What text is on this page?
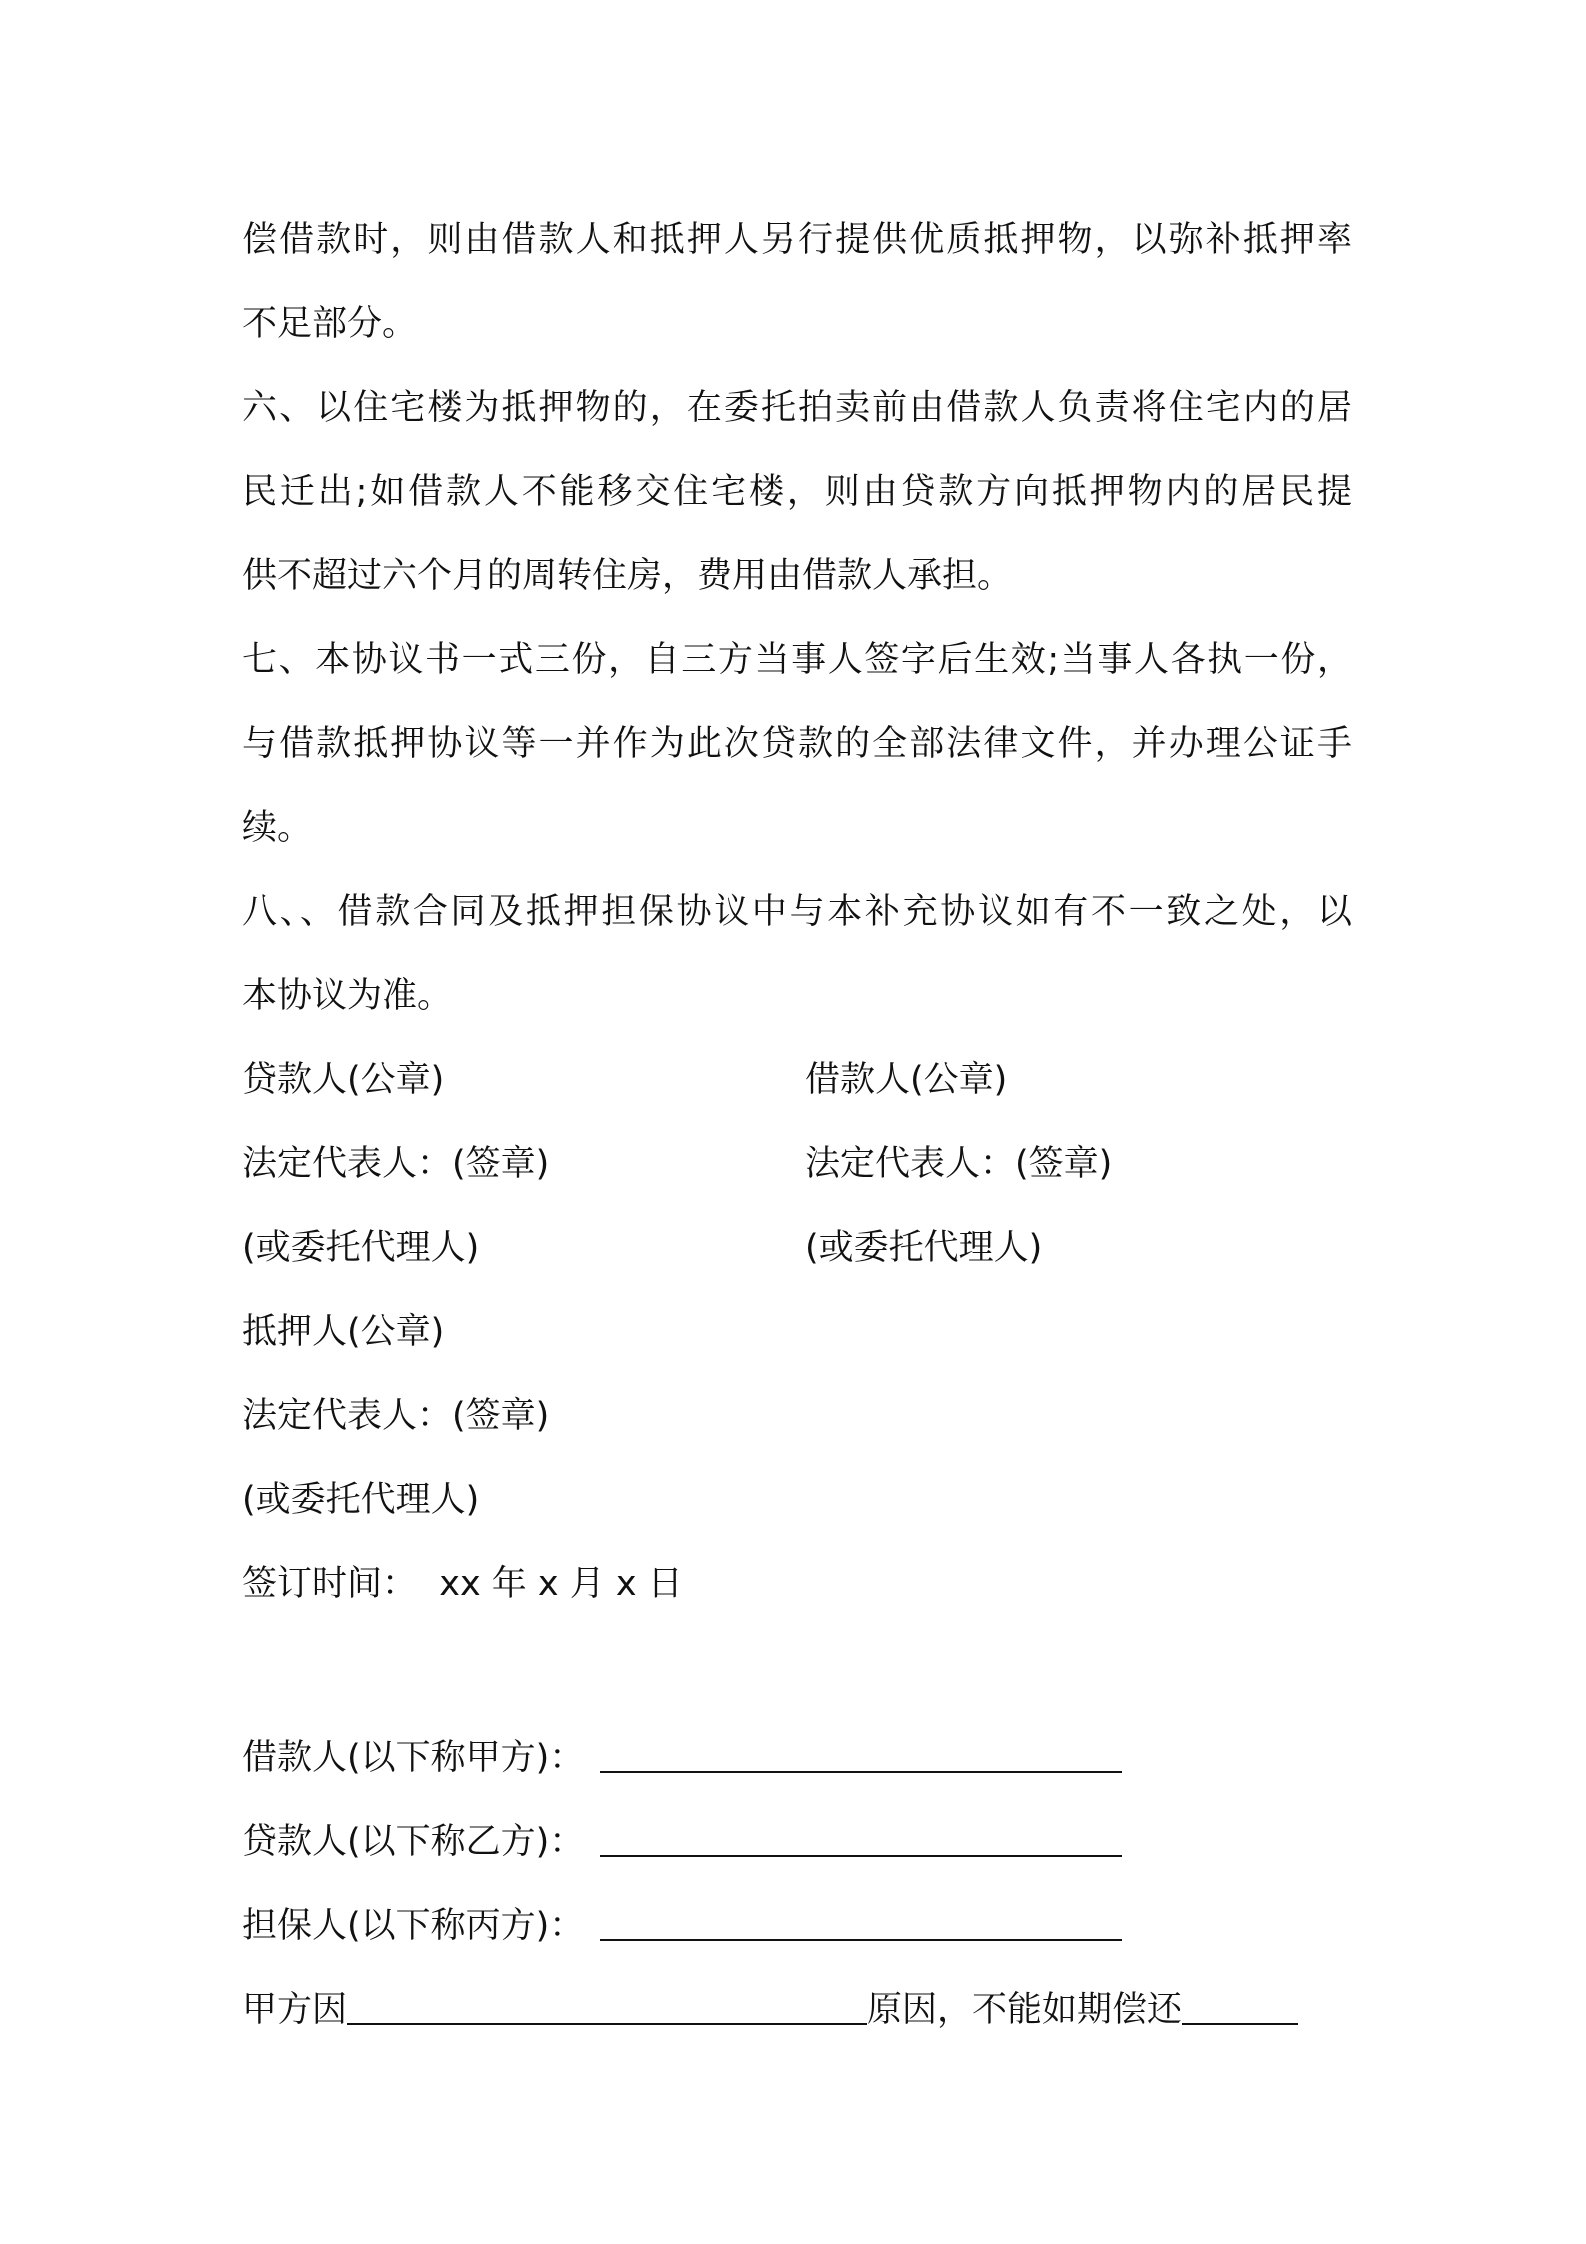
偿借款时，则由借款人和抵押人另行提供优质抵押物，以弥补抵押率
不足部分。
六、以住宅楼为抵押物的，在委托拍卖前由借款人负责将住宅内的居
民迁出;如借款人不能移交住宅楼，则由贷款方向抵押物内的居民提
供不超过六个月的周转住房，费用由借款人承担。
七、本协议书一式三份，自三方当事人签字后生效;当事人各执一份，
与借款抵押协议等一并作为此次贷款的全部法律文件，并办理公证手
续。
八、、借款合同及抵押担保协议中与本补充协议如有不一致之处，以
本协议为准。
贷款人(公章)	借款人(公章)
法定代表人：(签章)	法定代表人：(签章)
(或委托代理人)	(或委托代理人)
抵押人(公章)
法定代表人：(签章)
(或委托代理人)
签订时间：  xx 年 x 月 x 日
借款人(以下称甲方)：
贷款人(以下称乙方)：
担保人(以下称丙方)：
甲方因	原因，不能如期偿还
